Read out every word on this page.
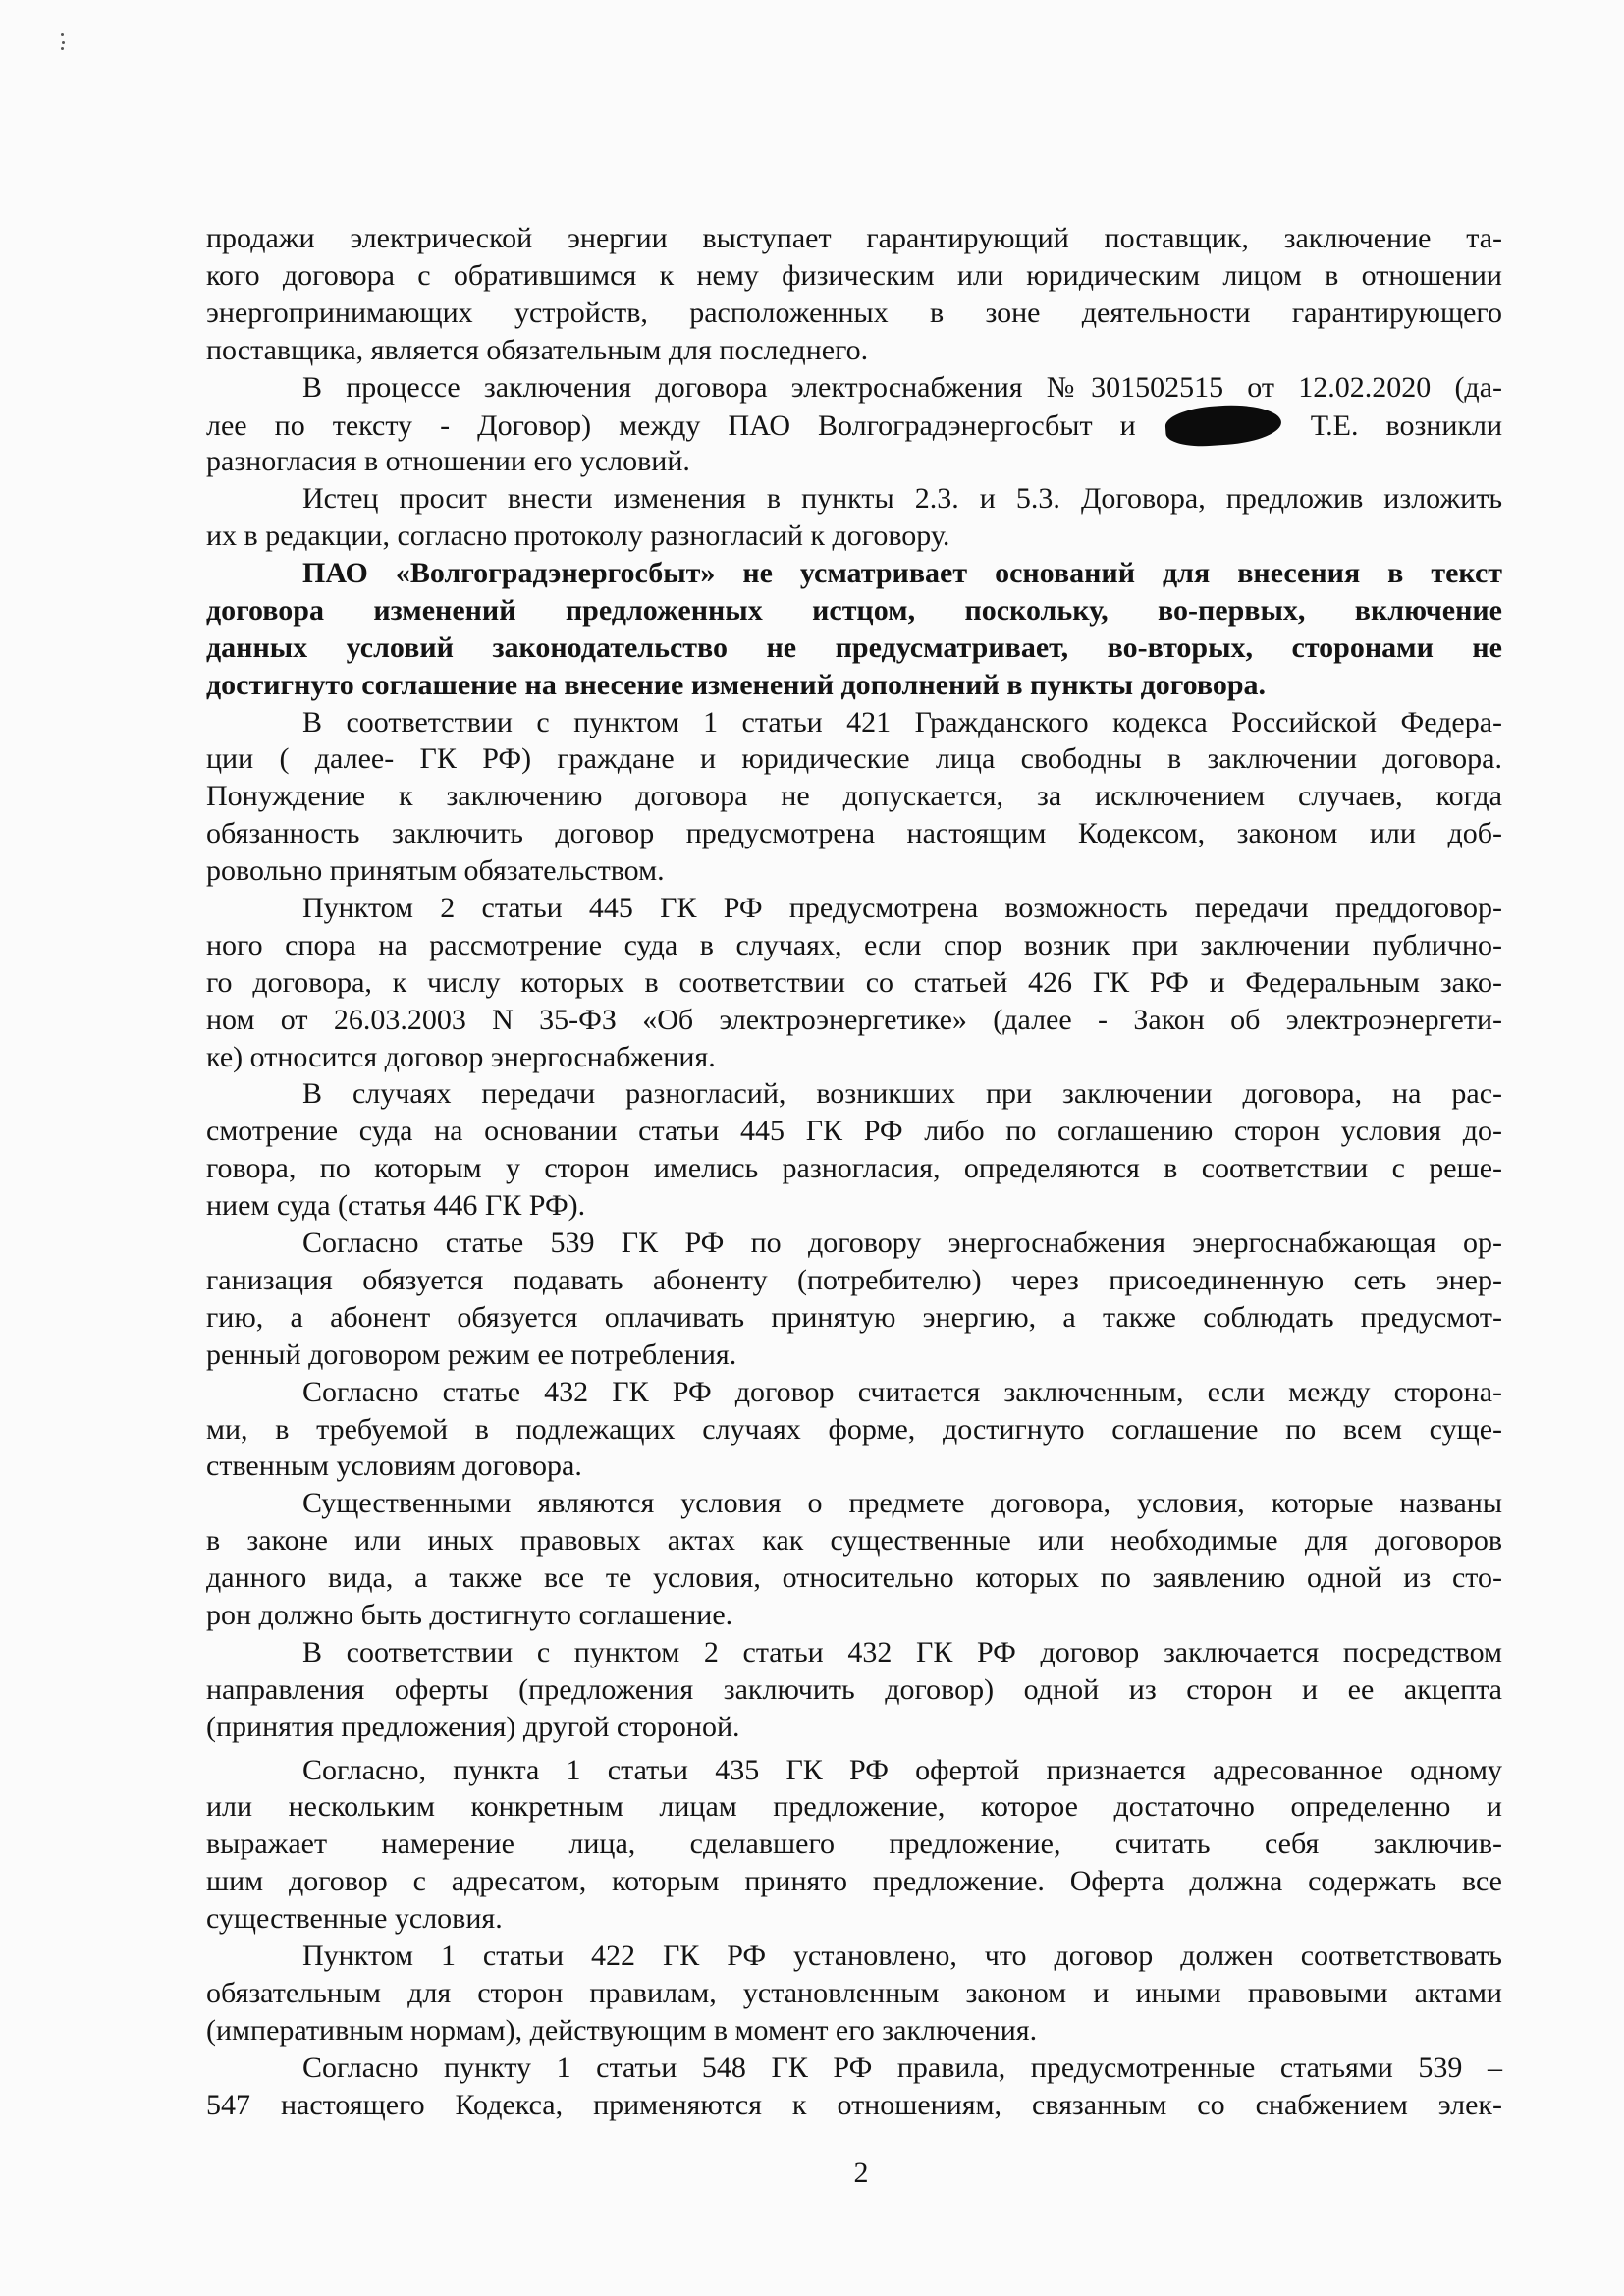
продажи электрической энергии выступает гарантирующий поставщик, заключение та-
кого договора с обратившимся к нему физическим или юридическим лицом в отношении
энергопринимающих устройств, расположенных в зоне деятельности гарантирующего
поставщика, является обязательным для последнего.
В процессе заключения договора электроснабжения №301502515 от 12.02.2020 (да-
лее по тексту - Договор) между ПАО Волгоградэнергосбыт и	Т.Е. возникли
разногласия в отношении его условий.
Истец просит внести изменения в пункты 2.3. и 5.3. Договора, предложив изложить
их в редакции, согласно протоколу разногласий к договору.
ПАО «Волгоградэнергосбыт» не усматривает оснований для внесения в текст
договора изменений предложенных истцом, поскольку, во-первых, включение
данных условий законодательство не предусматривает, во-вторых, сторонами не
достигнуто соглашение на внесение изменений дополнений в пункты договора.
В соответствии с пунктом 1 статьи 421 Гражданского кодекса Российской Федера-
ции ( далее- ГК РФ) граждане и юридические лица свободны в заключении договора.
Понуждение к заключению договора не допускается, за исключением случаев, когда
обязанность заключить договор предусмотрена настоящим Кодексом, законом или доб-
ровольно принятым обязательством.
Пунктом 2 статьи 445 ГК РФ предусмотрена возможность передачи преддоговор-
ного спора на рассмотрение суда в случаях, если спор возник при заключении публично-
го договора, к числу которых в соответствии со статьей 426 ГК РФ и Федеральным зако-
ном от 26.03.2003 N 35-ФЗ «Об электроэнергетике» (далее - Закон об электроэнергети-
ке) относится договор энергоснабжения.
В случаях передачи разногласий, возникших при заключении договора, на рас-
смотрение суда на основании статьи 445 ГК РФ либо по соглашению сторон условия до-
говора, по которым у сторон имелись разногласия, определяются в соответствии с реше-
нием суда (статья 446 ГК РФ).
Согласно статье 539 ГК РФ по договору энергоснабжения энергоснабжающая ор-
ганизация обязуется подавать абоненту (потребителю) через присоединенную сеть энер-
гию, а абонент обязуется оплачивать принятую энергию, а также соблюдать предусмот-
ренный договором режим ее потребления.
Согласно статье 432 ГК РФ договор считается заключенным, если между сторона-
ми, в требуемой в подлежащих случаях форме, достигнуто соглашение по всем суще-
ственным условиям договора.
Существенными являются условия о предмете договора, условия, которые названы
в законе или иных правовых актах как существенные или необходимые для договоров
данного вида, а также все те условия, относительно которых по заявлению одной из сто-
рон должно быть достигнуто соглашение.
В соответствии с пунктом 2 статьи 432 ГК РФ договор заключается посредством
направления оферты (предложения заключить договор) одной из сторон и ее акцепта
(принятия предложения) другой стороной.
Согласно, пункта 1 статьи 435 ГК РФ офертой признается адресованное одному
или нескольким конкретным лицам предложение, которое достаточно определенно и
выражает намерение лица, сделавшего предложение, считать себя заключив-
шим договор с адресатом, которым принято предложение. Оферта должна содержать все
существенные условия.
Пунктом 1 статьи 422 ГК РФ установлено, что договор должен соответствовать
обязательным для сторон правилам, установленным законом и иными правовыми актами
(императивным нормам), действующим в момент его заключения.
Согласно пункту 1 статьи 548 ГК РФ правила, предусмотренные статьями 539 –
547 настоящего Кодекса, применяются к отношениям, связанным со снабжением элек-
2
